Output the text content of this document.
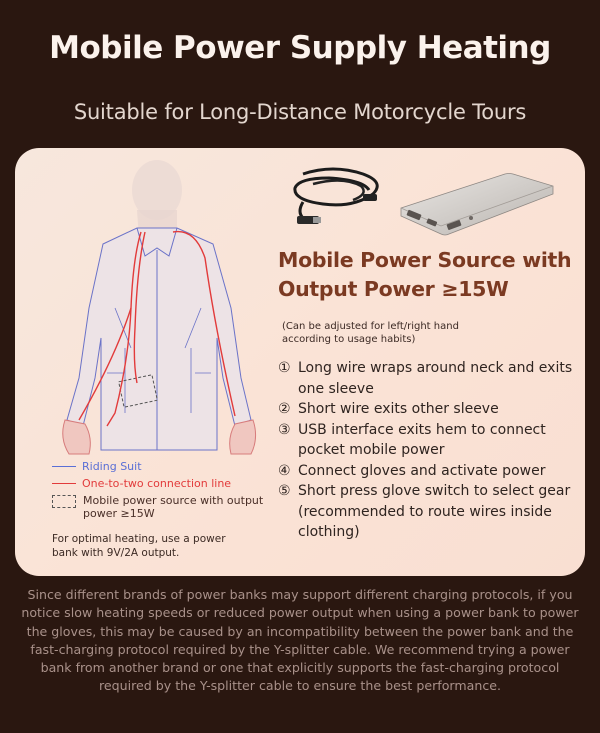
Mobile Power Supply Heating
Suitable for Long-Distance Motorcycle Tours
Riding Suit
One-to-two connection line
Mobile power source with output power ≥15W
For optimal heating, use a power bank with 9V/2A output.
Mobile Power Source with Output Power ≥15W
(Can be adjusted for left/right hand according to usage habits)
① Long wire wraps around neck and exits one sleeve
② Short wire exits other sleeve
③ USB interface exits hem to connect pocket mobile power
④ Connect gloves and activate power
⑤ Short press glove switch to select gear (recommended to route wires inside clothing)
Since different brands of power banks may support different charging protocols, if you notice slow heating speeds or reduced power output when using a power bank to power the gloves, this may be caused by an incompatibility between the power bank and the fast-charging protocol required by the Y-splitter cable. We recommend trying a power bank from another brand or one that explicitly supports the fast-charging protocol required by the Y-splitter cable to ensure the best performance.
